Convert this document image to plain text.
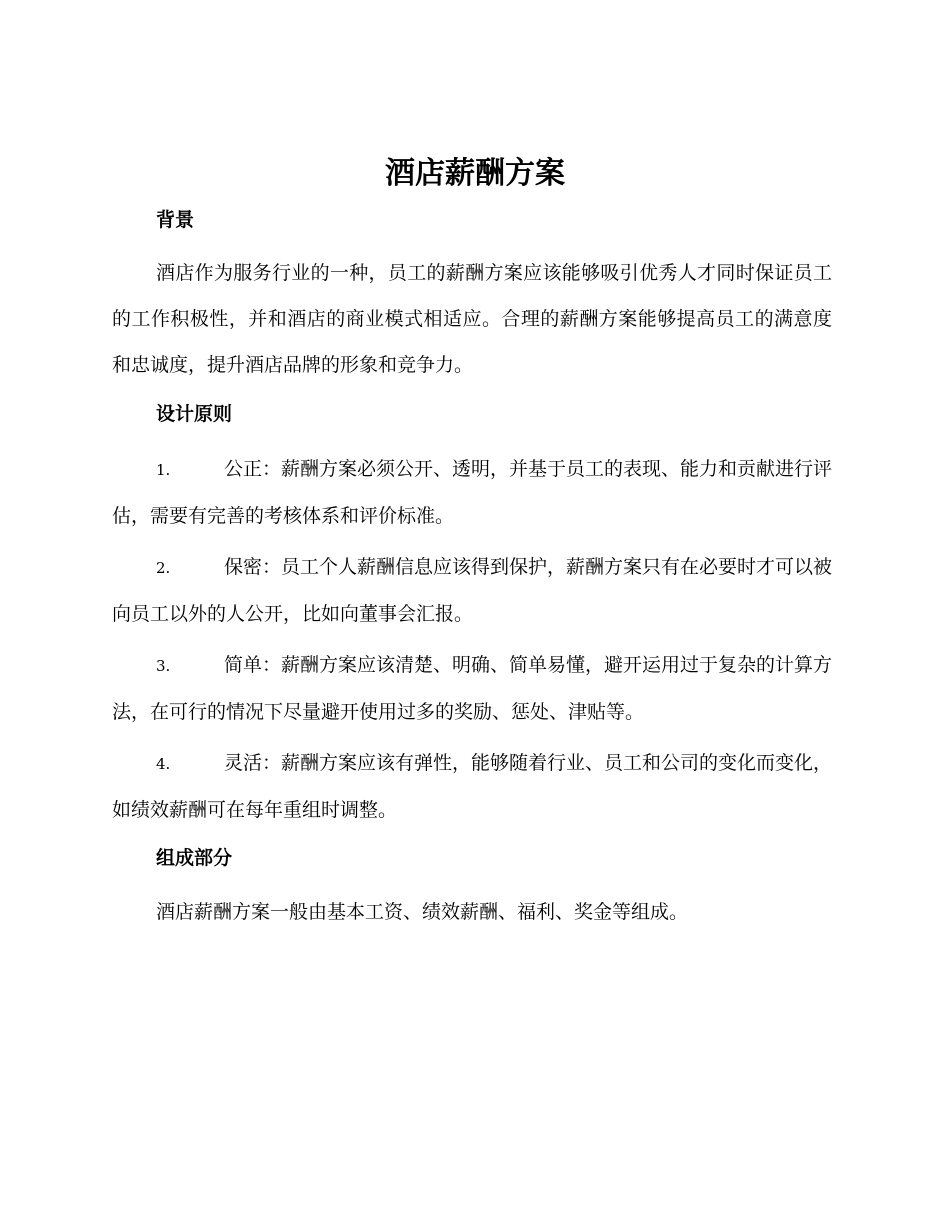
酒店薪酬方案
背景

酒店作为服务行业的一种，员工的薪酬方案应该能够吸引优秀人才同时保证员工的工作积极性，并和酒店的商业模式相适应。合理的薪酬方案能够提高员工的满意度和忠诚度，提升酒店品牌的形象和竞争力。

设计原则

1.	公正：薪酬方案必须公开、透明，并基于员工的表现、能力和贡献进行评估，需要有完善的考核体系和评价标准。

2.	保密：员工个人薪酬信息应该得到保护，薪酬方案只有在必要时才可以被向员工以外的人公开，比如向董事会汇报。

3.	简单：薪酬方案应该清楚、明确、简单易懂，避开运用过于复杂的计算方法，在可行的情况下尽量避开使用过多的奖励、惩处、津贴等。

4.	灵活：薪酬方案应该有弹性，能够随着行业、员工和公司的变化而变化，如绩效薪酬可在每年重组时调整。

组成部分

酒店薪酬方案一般由基本工资、绩效薪酬、福利、奖金等组成。
